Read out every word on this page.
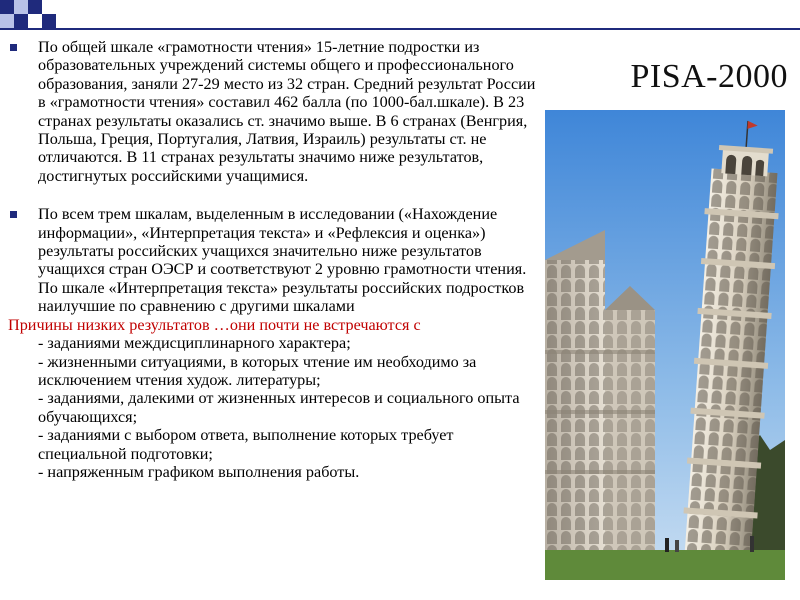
PISA-2000

По общей шкале «грамотности чтения» 15-летние подростки из образовательных учреждений системы общего и профессионального образования, заняли 27-29 место из 32 стран. Средний результат России в «грамотности чтения» составил 462 балла (по 1000-бал.шкале). В 23 странах результаты оказались ст. значимо выше. В 6 странах (Венгрия, Польша, Греция, Португалия, Латвия, Израиль) результаты ст. не отличаются. В 11 странах результаты значимо ниже результатов, достигнутых российскими учащимися.

По всем трем шкалам, выделенным в исследовании («Нахождение информации», «Интерпретация текста» и «Рефлексия и оценка») результаты российских учащихся значительно ниже результатов учащихся стран ОЭСР и соответствуют 2 уровню грамотности чтения. По шкале «Интерпретация текста» результаты российских подростков наилучшие по сравнению с другими шкалами

Причины низких результатов …они почти не встречаются с

- заданиями междисциплинарного характера;

- жизненными ситуациями, в которых чтение им необходимо за исключением чтения худож. литературы;

- заданиями, далекими от жизненных интересов и социального опыта обучающихся;

- заданиями с выбором ответа, выполнение которых требует специальной подготовки;

- напряженным графиком выполнения работы.
